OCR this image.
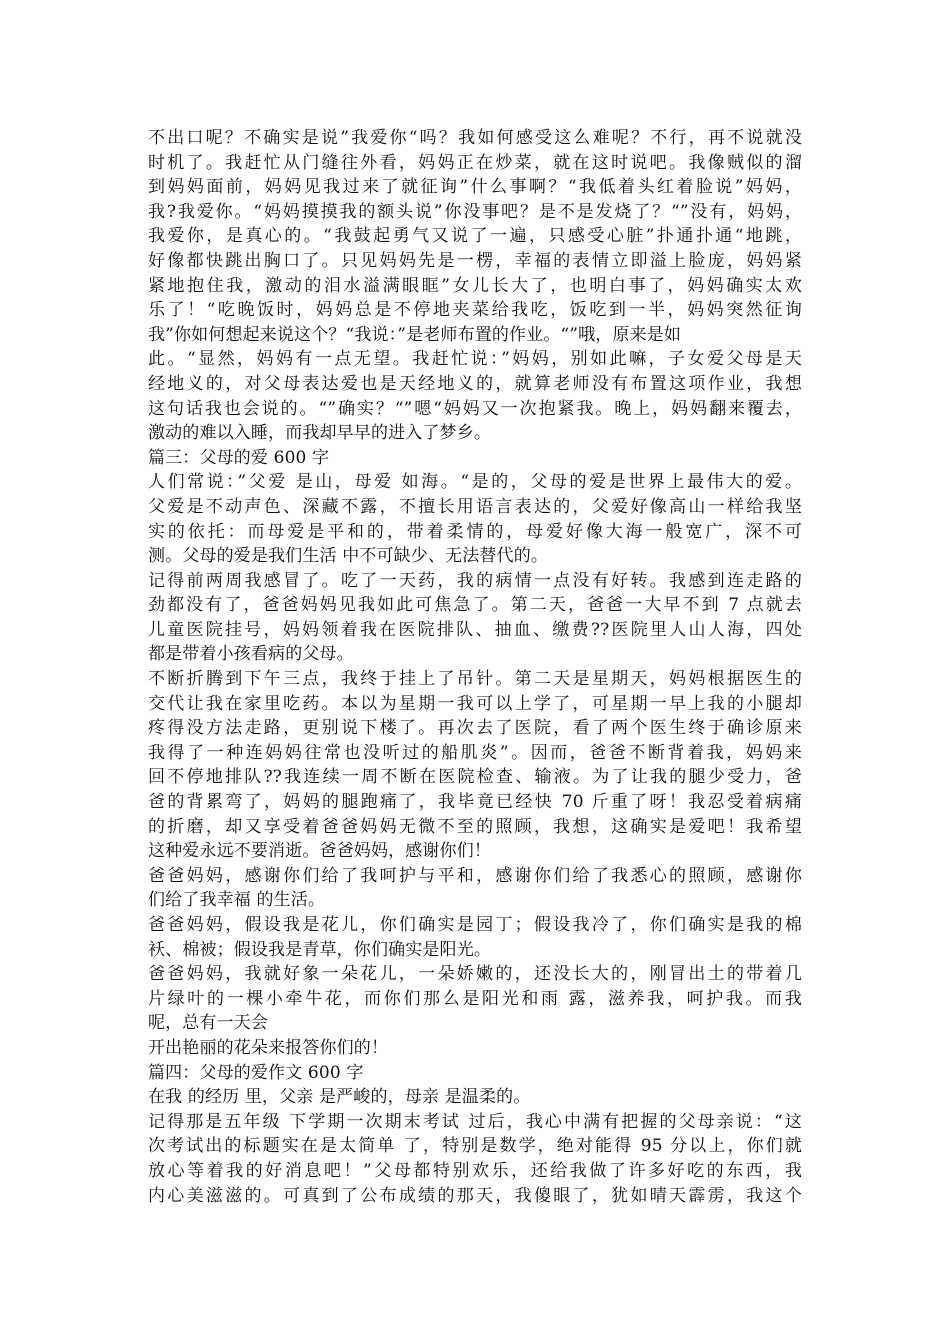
不出口呢？不确实是说”我爱你“吗？我如何感受这么难呢？不行，再不说就没
时机了。我赶忙从门缝往外看，妈妈正在炒菜，就在这时说吧。我像贼似的溜
到妈妈面前，妈妈见我过来了就征询”什么事啊？“我低着头红着脸说”妈妈，
我?我爱你。“妈妈摸摸我的额头说”你没事吧？是不是发烧了？“”没有，妈妈，
我爱你，是真心的。“我鼓起勇气又说了一遍，只感受心脏”扑通扑通“地跳，
好像都快跳出胸口了。只见妈妈先是一楞，幸福的表情立即溢上脸庞，妈妈紧
紧地抱住我，激动的泪水溢满眼眶”女儿长大了，也明白事了，妈妈确实太欢
乐了！“吃晚饭时，妈妈总是不停地夹菜给我吃，饭吃到一半，妈妈突然征询
我”你如何想起来说这个？“我说：”是老师布置的作业。“”哦，原来是如
此。“显然，妈妈有一点无望。我赶忙说：”妈妈，别如此嘛，子女爱父母是天
经地义的，对父母表达爱也是天经地义的，就算老师没有布置这项作业，我想
这句话我也会说的。“”确实？“”嗯“妈妈又一次抱紧我。晚上，妈妈翻来覆去，
激动的难以入睡，而我却早早的进入了梦乡。
篇三：父母的爱 600 字
人们常说：”父爱 是山，母爱 如海。“是的，父母的爱是世界上最伟大的爱。
父爱是不动声色、深藏不露，不擅长用语言表达的，父爱好像高山一样给我坚
实的依托：而母爱是平和的，带着柔情的，母爱好像大海一般宽广，深不可
测。父母的爱是我们生活 中不可缺少、无法替代的。
记得前两周我感冒了。吃了一天药，我的病情一点没有好转。我感到连走路的
劲都没有了，爸爸妈妈见我如此可焦急了。第二天，爸爸一大早不到 7 点就去
儿童医院挂号，妈妈领着我在医院排队、抽血、缴费??医院里人山人海，四处
都是带着小孩看病的父母。
不断折腾到下午三点，我终于挂上了吊针。第二天是星期天，妈妈根据医生的
交代让我在家里吃药。本以为星期一我可以上学了，可星期一早上我的小腿却
疼得没方法走路，更别说下楼了。再次去了医院，看了两个医生终于确诊原来
我得了一种连妈妈往常也没听过的船肌炎”。因而，爸爸不断背着我，妈妈来
回不停地排队??我连续一周不断在医院检查、输液。为了让我的腿少受力，爸
爸的背累弯了，妈妈的腿跑痛了，我毕竟已经快 70 斤重了呀！我忍受着病痛
的折磨，却又享受着爸爸妈妈无微不至的照顾，我想，这确实是爱吧！我希望
这种爱永远不要消逝。爸爸妈妈，感谢你们！
爸爸妈妈，感谢你们给了我呵护与平和，感谢你们给了我悉心的照顾，感谢你
们给了我幸福 的生活。
爸爸妈妈，假设我是花儿，你们确实是园丁；假设我冷了，你们确实是我的棉
袄、棉被；假设我是青草，你们确实是阳光。
爸爸妈妈，我就好象一朵花儿，一朵娇嫩的，还没长大的，刚冒出土的带着几
片绿叶的一棵小牵牛花，而你们那么是阳光和雨 露，滋养我，呵护我。而我
呢，总有一天会
开出艳丽的花朵来报答你们的！
篇四：父母的爱作文 600 字
在我 的经历 里，父亲 是严峻的，母亲 是温柔的。
记得那是五年级 下学期一次期末考试 过后，我心中满有把握的父母亲说：“这
次考试出的标题实在是太简单 了，特别是数学，绝对能得 95 分以上，你们就
放心等着我的好消息吧！”父母都特别欢乐，还给我做了许多好吃的东西，我
内心美滋滋的。可真到了公布成绩的那天，我傻眼了，犹如晴天霹雳，我这个
